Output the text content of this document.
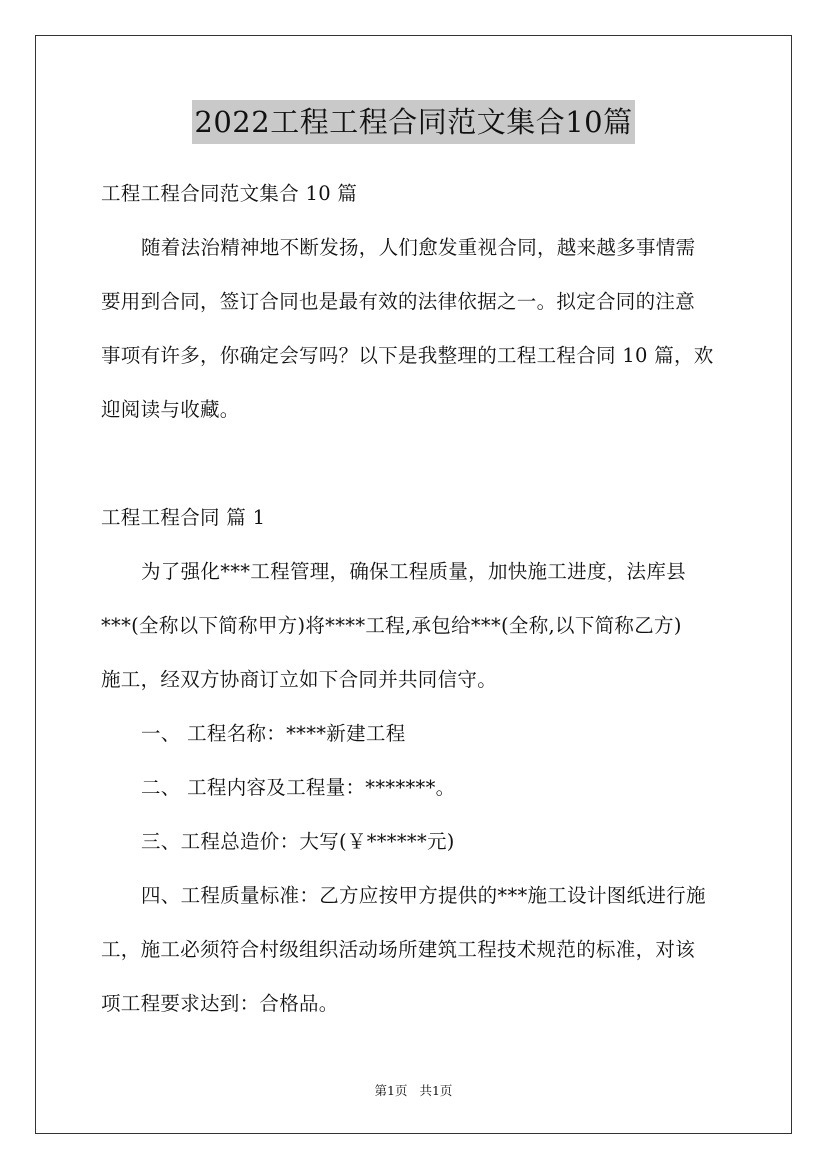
2022工程工程合同范文集合10篇
工程工程合同范文集合 10 篇
随着法治精神地不断发扬，人们愈发重视合同，越来越多事情需
要用到合同，签订合同也是最有效的法律依据之一。拟定合同的注意
事项有许多，你确定会写吗？以下是我整理的工程工程合同 10 篇，欢
迎阅读与收藏。
工程工程合同 篇 1
为了强化***工程管理，确保工程质量，加快施工进度，法库县
***(全称以下简称甲方)将****工程,承包给***(全称,以下简称乙方)
施工，经双方协商订立如下合同并共同信守。
一、 工程名称：****新建工程
二、 工程内容及工程量：*******。
三、工程总造价：大写(￥******元)
四、工程质量标准：乙方应按甲方提供的***施工设计图纸进行施
工，施工必须符合村级组织活动场所建筑工程技术规范的标准，对该
项工程要求达到：合格品。
第1页 共1页
